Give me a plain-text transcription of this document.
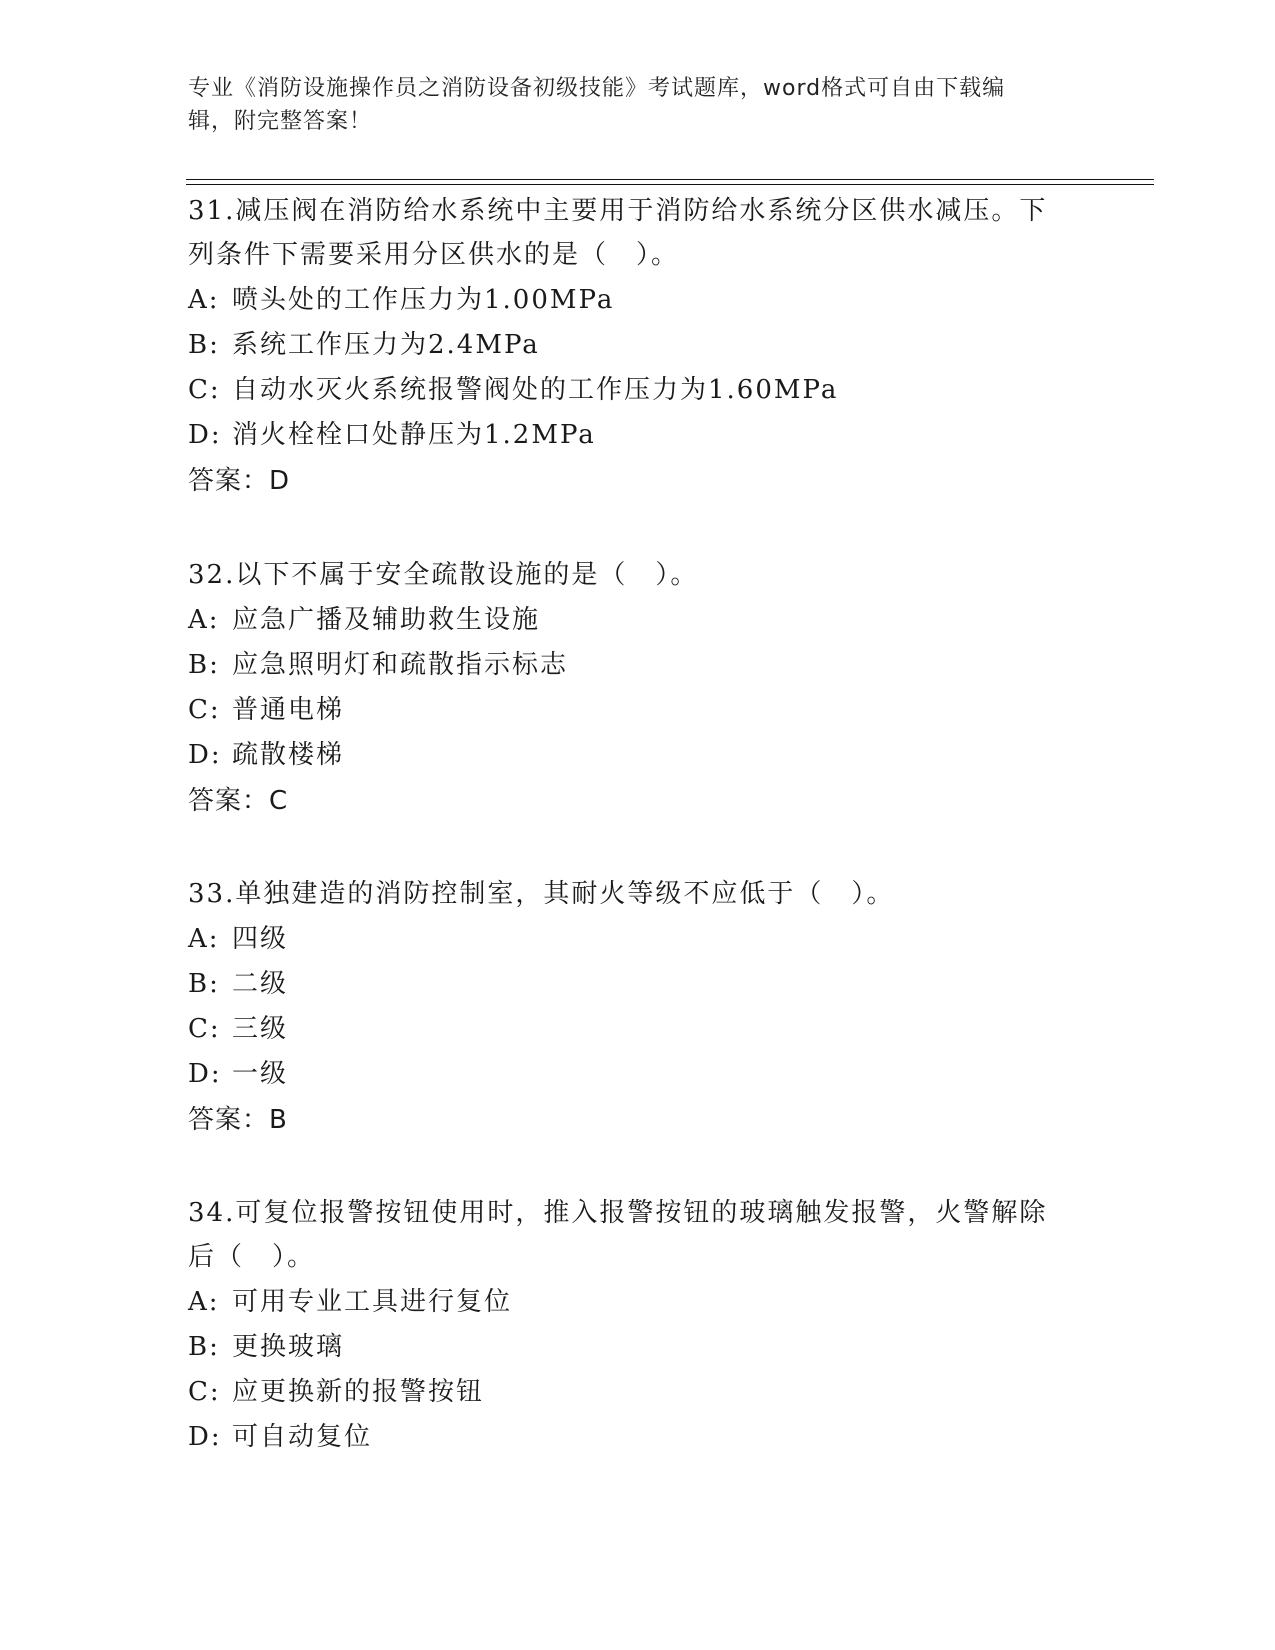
专业《消防设施操作员之消防设备初级技能》考试题库，word格式可自由下载编
辑，附完整答案！

31.减压阀在消防给水系统中主要用于消防给水系统分区供水减压。下

列条件下需要采用分区供水的是（　）。

A: 喷头处的工作压力为1.00MPa
B: 系统工作压力为2.4MPa
C: 自动水灭火系统报警阀处的工作压力为1.60MPa
D: 消火栓栓口处静压为1.2MPa
答案：D

32.以下不属于安全疏散设施的是（　）。

A: 应急广播及辅助救生设施
B: 应急照明灯和疏散指示标志
C: 普通电梯
D: 疏散楼梯
答案：C

33.单独建造的消防控制室，其耐火等级不应低于（　）。

A: 四级
B: 二级
C: 三级
D: 一级
答案：B

34.可复位报警按钮使用时，推入报警按钮的玻璃触发报警，火警解除

后（　）。

A: 可用专业工具进行复位
B: 更换玻璃
C: 应更换新的报警按钮
D: 可自动复位
